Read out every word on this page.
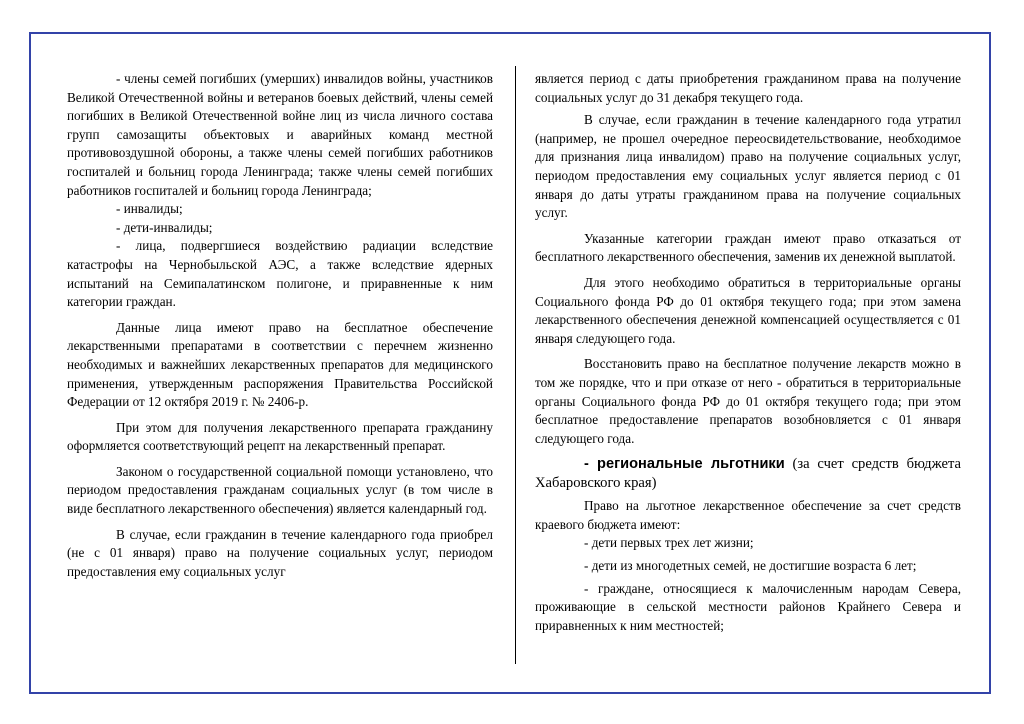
- члены семей погибших (умерших) инвалидов войны, участников Великой Отечественной войны и ветеранов боевых действий, члены семей погибших в Великой Отечественной войне лиц из числа личного состава групп самозащиты объектовых и аварийных команд местной противовоздушной обороны, а также члены семей погибших работников госпиталей и больниц города Ленинграда; также члены семей погибших работников госпиталей и больниц города Ленинграда;

- инвалиды;

- дети-инвалиды;

- лица, подвергшиеся воздействию радиации вследствие катастрофы на Чернобыльской АЭС, а также вследствие ядерных испытаний на Семипалатинском полигоне, и приравненные к ним категории граждан.

Данные лица имеют право на бесплатное обеспечение лекарственными препаратами в соответствии с перечнем жизненно необходимых и важнейших лекарственных препаратов для медицинского применения, утвержденным распоряжения Правительства Российской Федерации от 12 октября 2019 г. № 2406-р.

При этом для получения лекарственного препарата гражданину оформляется соответствующий рецепт на лекарственный препарат.

Законом о государственной социальной помощи установлено, что периодом предоставления гражданам социальных услуг (в том числе в виде бесплатного лекарственного обеспечения) является календарный год.

В случае, если гражданин в течение календарного года приобрел (не с 01 января) право на получение социальных услуг, периодом предоставления ему социальных услуг

является период с даты приобретения гражданином права на получение социальных услуг до 31 декабря текущего года.

В случае, если гражданин в течение календарного года утратил (например, не прошел очередное переосвидетельствование, необходимое для признания лица инвалидом) право на получение социальных услуг, периодом предоставления ему социальных услуг является период с 01 января до даты утраты гражданином права на получение социальных услуг.

Указанные категории граждан имеют право отказаться от бесплатного лекарственного обеспечения, заменив их денежной выплатой.

Для этого необходимо обратиться в территориальные органы Социального фонда РФ до 01 октября текущего года; при этом замена лекарственного обеспечения денежной компенсацией осуществляется с 01 января следующего года.

Восстановить право на бесплатное получение лекарств можно в том же порядке, что и при отказе от него - обратиться в территориальные органы Социального фонда РФ до 01 октября текущего года; при этом бесплатное предоставление препаратов возобновляется с 01 января следующего года.

- региональные льготники (за счет средств бюджета Хабаровского края)

Право на льготное лекарственное обеспечение за счет средств краевого бюджета имеют:

- дети первых трех лет жизни;

- дети из многодетных семей, не достигшие возраста 6 лет;

- граждане, относящиеся к малочисленным народам Севера, проживающие в сельской местности районов Крайнего Севера и приравненных к ним местностей;
